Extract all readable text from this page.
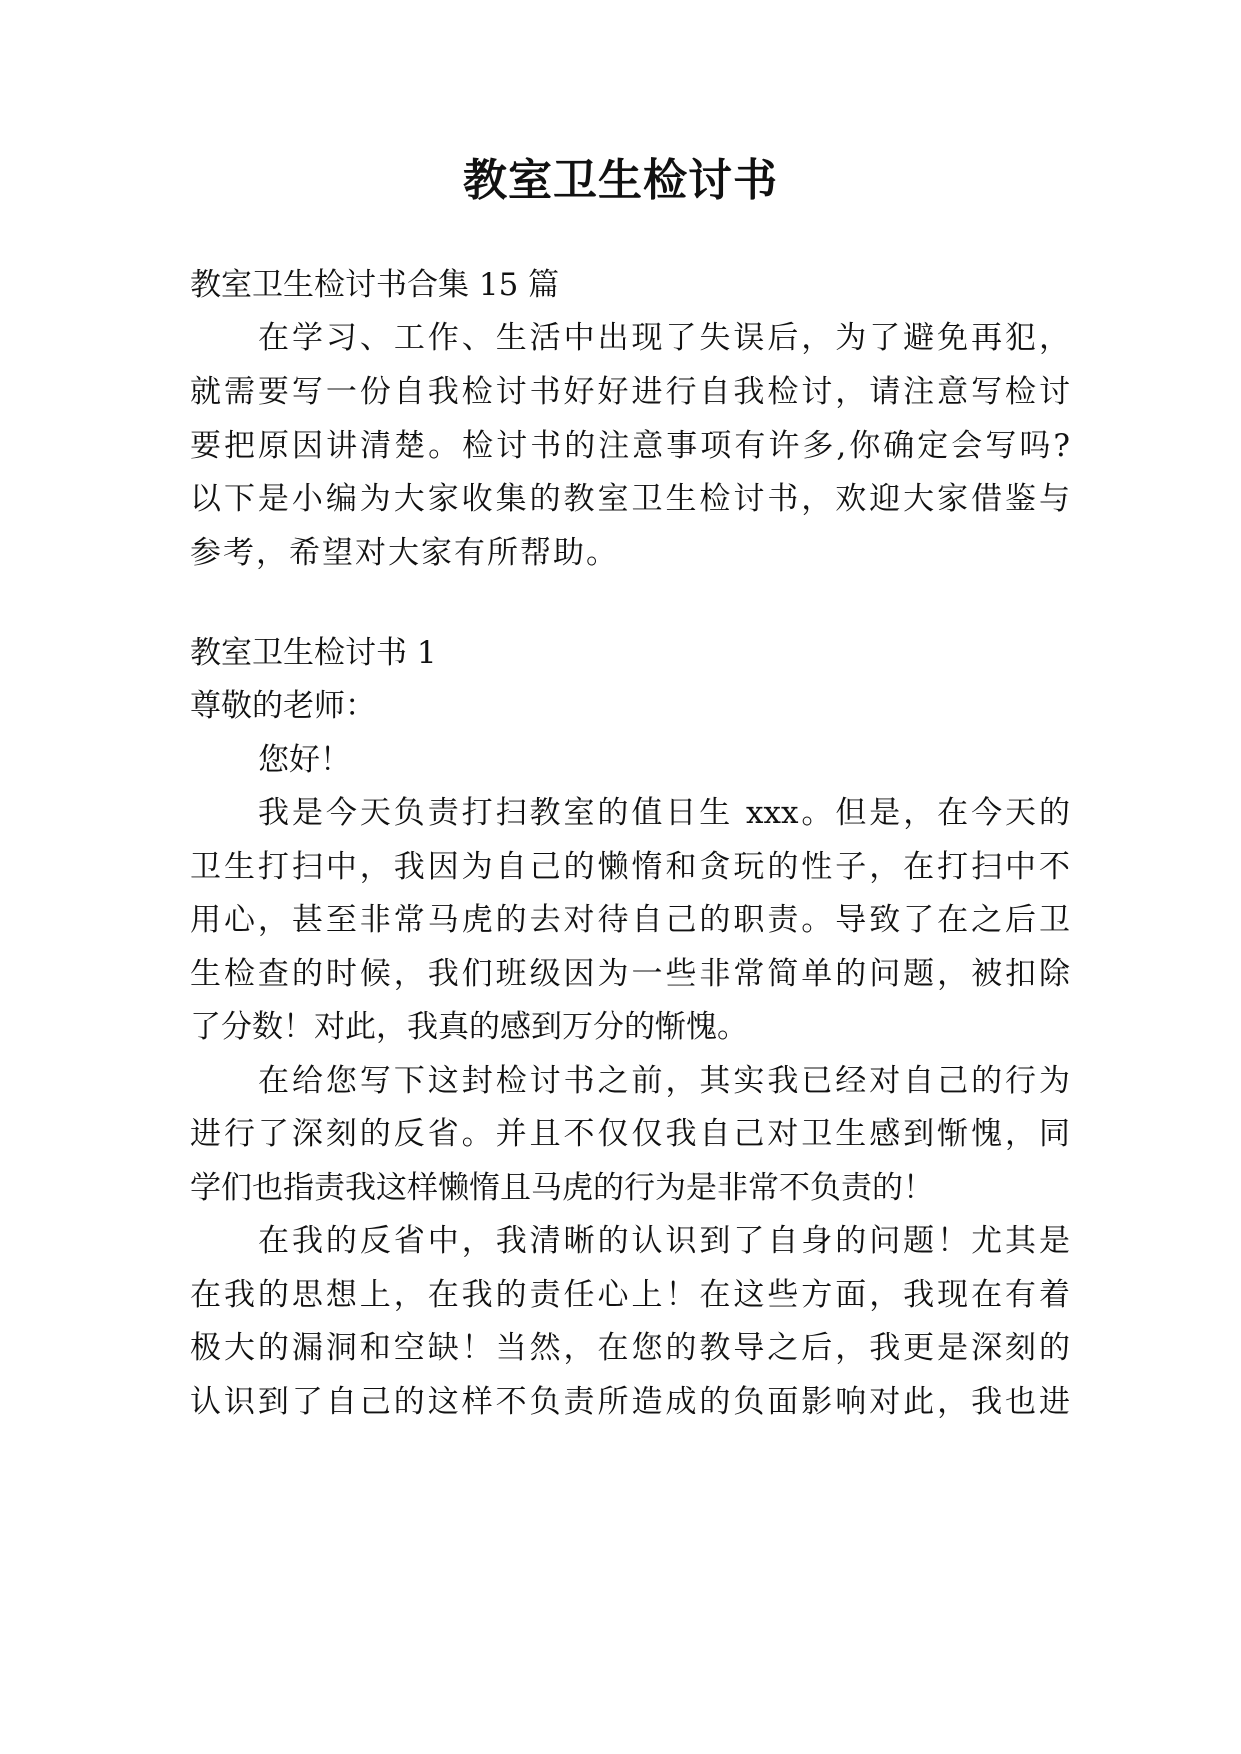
教室卫生检讨书
教室卫生检讨书合集 15 篇
在学习、工作、生活中出现了失误后，为了避免再犯，
就需要写一份自我检讨书好好进行自我检讨，请注意写检讨
要把原因讲清楚。检讨书的注意事项有许多,你确定会写吗?
以下是小编为大家收集的教室卫生检讨书，欢迎大家借鉴与
参考，希望对大家有所帮助。
教室卫生检讨书 1
尊敬的老师：
您好！
我是今天负责打扫教室的值日生 xxx。但是，在今天的
卫生打扫中，我因为自己的懒惰和贪玩的性子，在打扫中不
用心，甚至非常马虎的去对待自己的职责。导致了在之后卫
生检查的时候，我们班级因为一些非常简单的问题，被扣除
了分数！对此，我真的感到万分的惭愧。
在给您写下这封检讨书之前，其实我已经对自己的行为
进行了深刻的反省。并且不仅仅我自己对卫生感到惭愧，同
学们也指责我这样懒惰且马虎的行为是非常不负责的！
在我的反省中，我清晰的认识到了自身的问题！尤其是
在我的思想上，在我的责任心上！在这些方面，我现在有着
极大的漏洞和空缺！当然，在您的教导之后，我更是深刻的
认识到了自己的这样不负责所造成的负面影响对此，我也进
